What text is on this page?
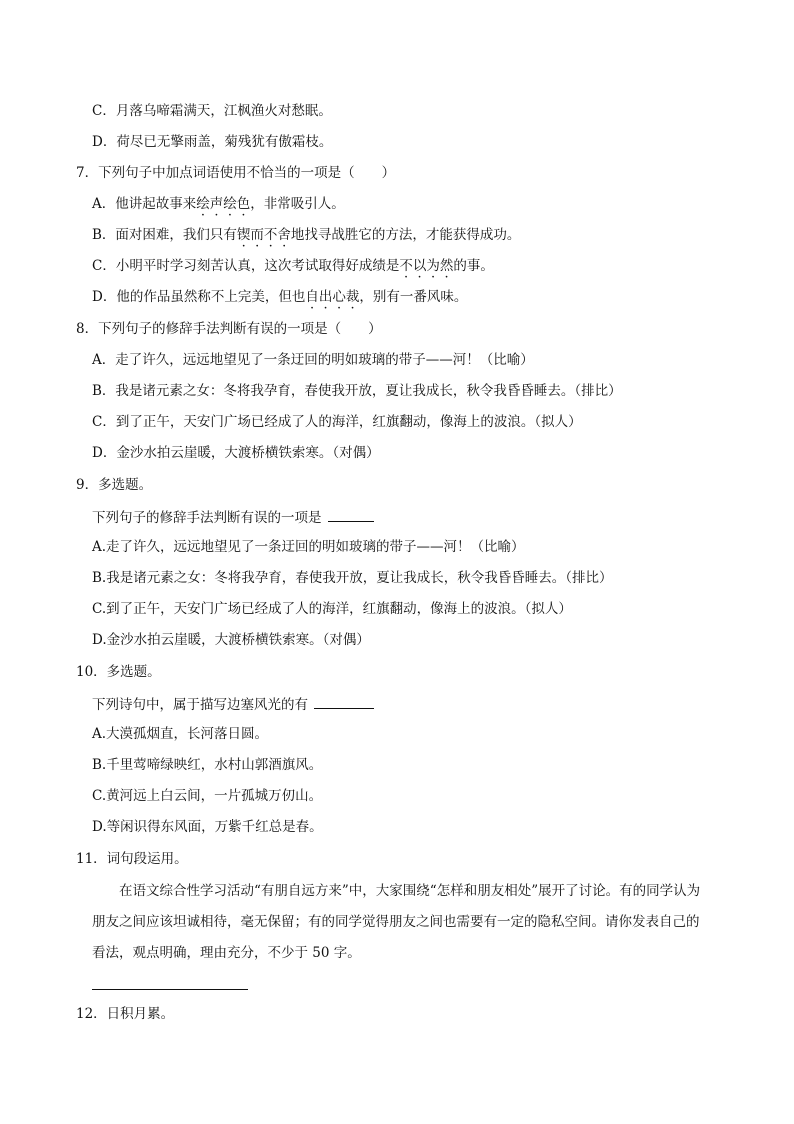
C．月落乌啼霜满天，江枫渔火对愁眠。
D．荷尽已无擎雨盖，菊残犹有傲霜枝。
7．下列句子中加点词语使用不恰当的一项是（　　）
A．他讲起故事来绘声绘色，非常吸引人。
B．面对困难，我们只有锲而不舍地找寻战胜它的方法，才能获得成功。
C．小明平时学习刻苦认真，这次考试取得好成绩是不以为然的事。
D．他的作品虽然称不上完美，但也自出心裁，别有一番风味。
8．下列句子的修辞手法判断有误的一项是（　　）
A．走了许久，远远地望见了一条迂回的明如玻璃的带子——河！（比喻）
B．我是诸元素之女：冬将我孕育，春使我开放，夏让我成长，秋令我昏昏睡去。（排比）
C．到了正午，天安门广场已经成了人的海洋，红旗翻动，像海上的波浪。（拟人）
D．金沙水拍云崖暖，大渡桥横铁索寒。（对偶）
9．多选题。
下列句子的修辞手法判断有误的一项是
A.走了许久，远远地望见了一条迂回的明如玻璃的带子——河！（比喻）
B.我是诸元素之女：冬将我孕育，春使我开放，夏让我成长，秋令我昏昏睡去。（排比）
C.到了正午，天安门广场已经成了人的海洋，红旗翻动，像海上的波浪。（拟人）
D.金沙水拍云崖暖，大渡桥横铁索寒。（对偶）
10．多选题。
下列诗句中，属于描写边塞风光的有
A.大漠孤烟直，长河落日圆。
B.千里莺啼绿映红，水村山郭酒旗风。
C.黄河远上白云间，一片孤城万仞山。
D.等闲识得东风面，万紫千红总是春。
11．词句段运用。
在语文综合性学习活动“有朋自远方来”中，大家围绕“怎样和朋友相处”展开了讨论。有的同学认为朋友之间应该坦诚相待，毫无保留；有的同学觉得朋友之间也需要有一定的隐私空间。请你发表自己的看法，观点明确，理由充分，不少于 50 字。
12．日积月累。
